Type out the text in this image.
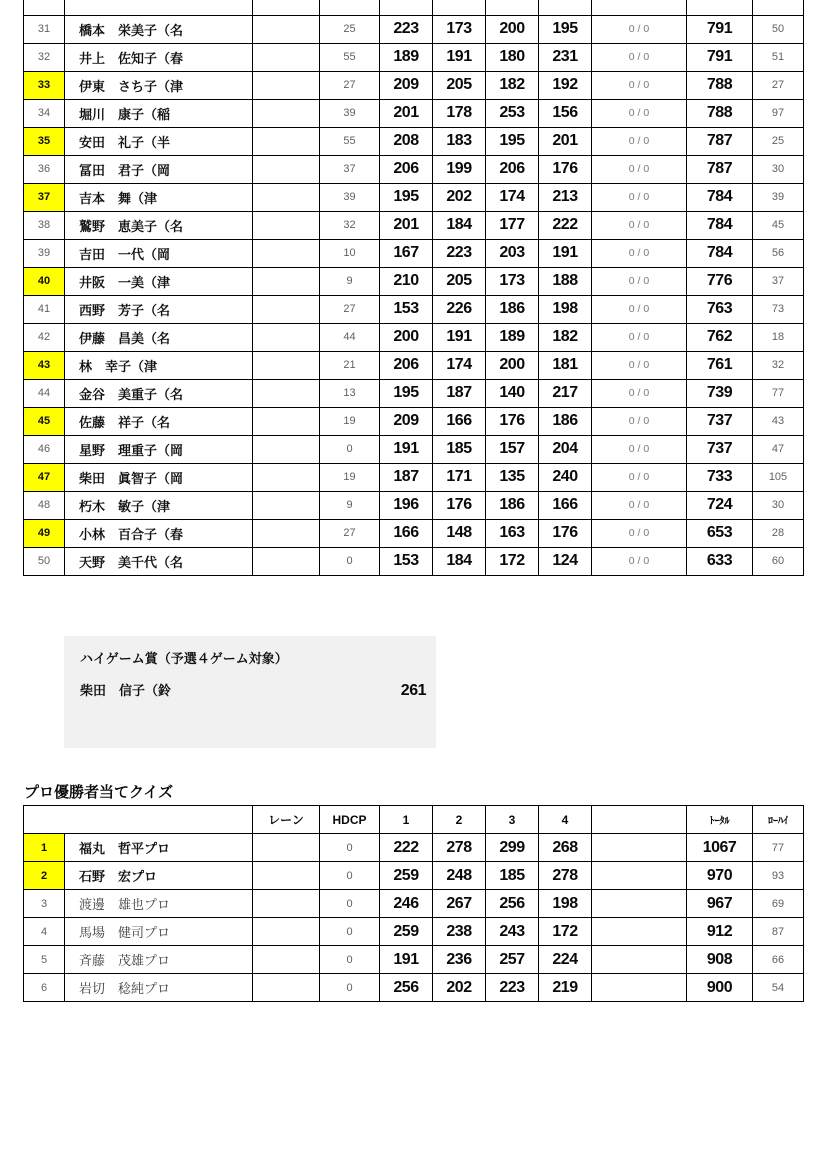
31	橋本　栄美子（名		25	223	173	200	195	0 / 0	791	50
32	井上　佐知子（春		55	189	191	180	231	0 / 0	791	51
33	伊東　さち子（津		27	209	205	182	192	0 / 0	788	27
34	堀川　康子（稲		39	201	178	253	156	0 / 0	788	97
35	安田　礼子（半		55	208	183	195	201	0 / 0	787	25
36	冨田　君子（岡		37	206	199	206	176	0 / 0	787	30
37	吉本　舞（津		39	195	202	174	213	0 / 0	784	39
38	鷲野　恵美子（名		32	201	184	177	222	0 / 0	784	45
39	吉田　一代（岡		10	167	223	203	191	0 / 0	784	56
40	井阪　一美（津		9	210	205	173	188	0 / 0	776	37
41	西野　芳子（名		27	153	226	186	198	0 / 0	763	73
42	伊藤　昌美（名		44	200	191	189	182	0 / 0	762	18
43	林　幸子（津		21	206	174	200	181	0 / 0	761	32
44	金谷　美重子（名		13	195	187	140	217	0 / 0	739	77
45	佐藤　祥子（名		19	209	166	176	186	0 / 0	737	43
46	星野　理重子（岡		0	191	185	157	204	0 / 0	737	47
47	柴田　眞智子（岡		19	187	171	135	240	0 / 0	733	105
48	朽木　敏子（津		9	196	176	186	166	0 / 0	724	30
49	小林　百合子（春		27	166	148	163	176	0 / 0	653	28
50	天野　美千代（名		0	153	184	172	124	0 / 0	633	60
ハイゲーム賞（予選４ゲーム対象）
柴田　信子（鈴	261
プロ優勝者当てクイズ
		レーン	HDCP	1	2	3	4		ﾄｰﾀﾙ	ﾛｰﾊｲ
1	福丸　哲平プロ		0	222	278	299	268		1067	77
2	石野　宏プロ		0	259	248	185	278		970	93
3	渡邊　雄也プロ		0	246	267	256	198		967	69
4	馬場　健司プロ		0	259	238	243	172		912	87
5	斉藤　茂雄プロ		0	191	236	257	224		908	66
6	岩切　稔純プロ		0	256	202	223	219		900	54
